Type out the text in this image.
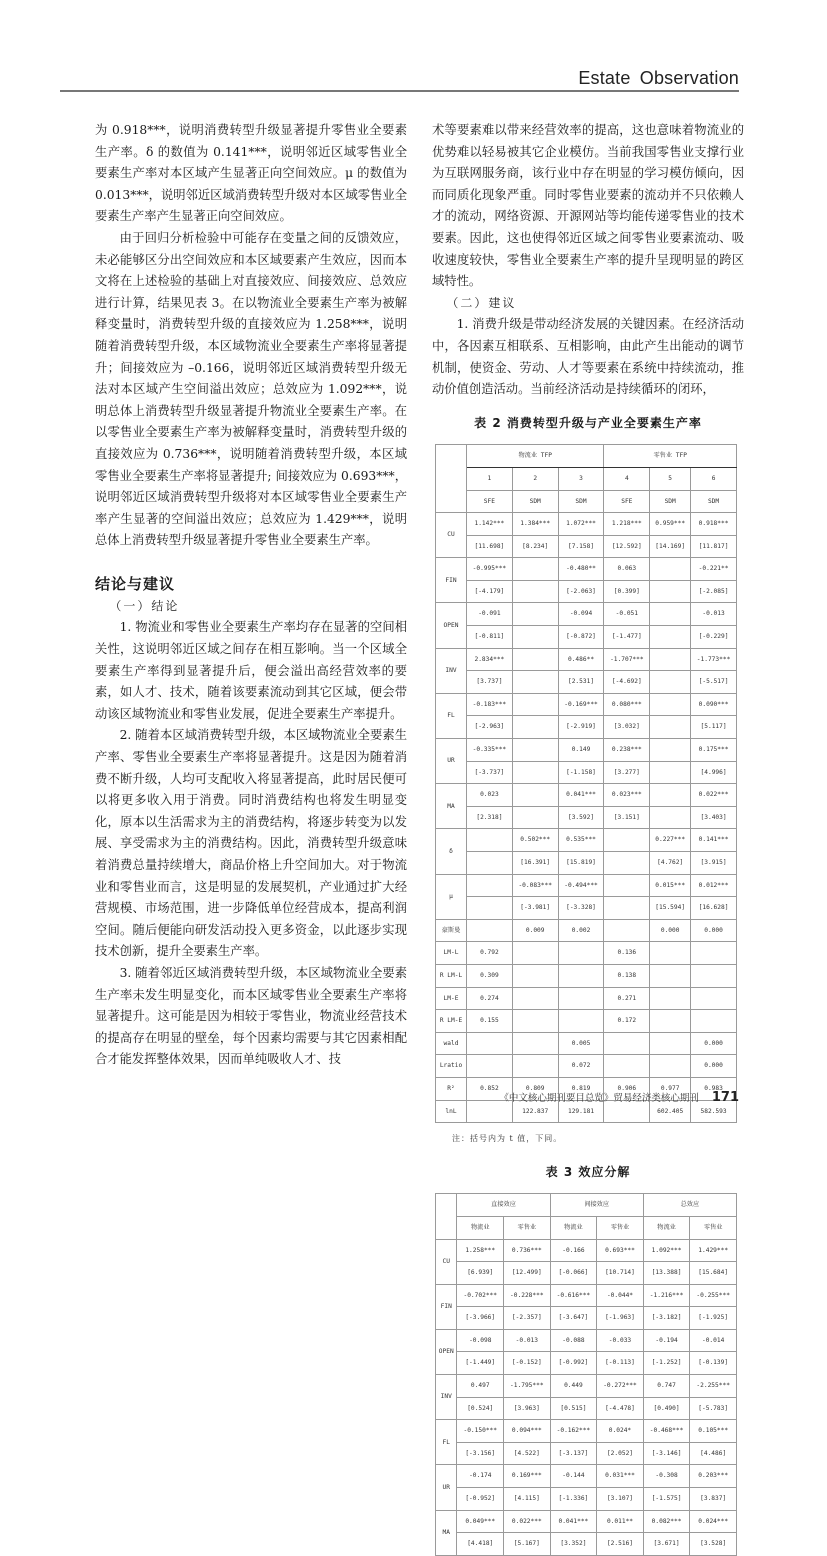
Estate Observation

为 0.918***，说明消费转型升级显著提升零售业全要素生产率。δ 的数值为 0.141***，说明邻近区域零售业全要素生产率对本区域产生显著正向空间效应。μ 的数值为 0.013***，说明邻近区域消费转型升级对本区域零售业全要素生产率产生显著正向空间效应。

由于回归分析检验中可能存在变量之间的反馈效应，未必能够区分出空间效应和本区域要素产生效应，因而本文将在上述检验的基础上对直接效应、间接效应、总效应进行计算，结果见表 3。在以物流业全要素生产率为被解释变量时，消费转型升级的直接效应为 1.258***，说明随着消费转型升级，本区域物流业全要素生产率将显著提升；间接效应为 –0.166，说明邻近区域消费转型升级无法对本区域产生空间溢出效应；总效应为 1.092***，说明总体上消费转型升级显著提升物流业全要素生产率。在以零售业全要素生产率为被解释变量时，消费转型升级的直接效应为 0.736***，说明随着消费转型升级，本区域零售业全要素生产率将显著提升; 间接效应为 0.693***，说明邻近区域消费转型升级将对本区域零售业全要素生产率产生显著的空间溢出效应；总效应为 1.429***，说明总体上消费转型升级显著提升零售业全要素生产率。

结论与建议

（一）结论

1. 物流业和零售业全要素生产率均存在显著的空间相关性，这说明邻近区域之间存在相互影响。当一个区域全要素生产率得到显著提升后，便会溢出高经营效率的要素，如人才、技术，随着该要素流动到其它区域，便会带动该区域物流业和零售业发展，促进全要素生产率提升。

2. 随着本区域消费转型升级，本区域物流业全要素生产率、零售业全要素生产率将显著提升。这是因为随着消费不断升级，人均可支配收入将显著提高，此时居民便可以将更多收入用于消费。同时消费结构也将发生明显变化，原本以生活需求为主的消费结构，将逐步转变为以发展、享受需求为主的消费结构。因此，消费转型升级意味着消费总量持续增大，商品价格上升空间加大。对于物流业和零售业而言，这是明显的发展契机，产业通过扩大经营规模、市场范围，进一步降低单位经营成本，提高利润空间。随后便能向研发活动投入更多资金，以此逐步实现技术创新，提升全要素生产率。

3. 随着邻近区域消费转型升级，本区域物流业全要素生产率未发生明显变化，而本区域零售业全要素生产率将显著提升。这可能是因为相较于零售业，物流业经营技术的提高存在明显的壁垒，每个因素均需要与其它因素相配合才能发挥整体效果，因而单纯吸收人才、技

术等要素难以带来经营效率的提高，这也意味着物流业的优势难以轻易被其它企业模仿。当前我国零售业支撑行业为互联网服务商，该行业中存在明显的学习模仿倾向，因而同质化现象严重。同时零售业要素的流动并不只依赖人才的流动，网络资源、开源网站等均能传递零售业的技术要素。因此，这也使得邻近区域之间零售业要素流动、吸收速度较快，零售业全要素生产率的提升呈现明显的跨区域特性。

（二）建议

1. 消费升级是带动经济发展的关键因素。在经济活动中，各因素互相联系、互相影响，由此产生出能动的调节机制，使资金、劳动、人才等要素在系统中持续流动，推动价值创造活动。当前经济活动是持续循环的闭环，

表 2 消费转型升级与产业全要素生产率
	物流业 TFP			零售业 TFP		
	1	2	3	4	5	6
	SFE	SDM	SDM	SFE	SDM	SDM
CU	1.142***	1.384***	1.072***	1.218***	0.959***	0.918***
	[11.698]	[8.234]	[7.158]	[12.592]	[14.169]	[11.817]
FIN	-0.995***		-0.480**	0.063		-0.221**
	[-4.179]		[-2.063]	[0.399]		[-2.085]
OPEN	-0.091		-0.094	-0.051		-0.013
	[-0.811]		[-0.872]	[-1.477]		[-0.229]
INV	2.834***		0.486**	-1.707***		-1.773***
	[3.737]		[2.531]	[-4.692]		[-5.517]
FL	-0.183***		-0.169***	0.080***		0.090***
	[-2.963]		[-2.919]	[3.032]		[5.117]
UR	-0.335***		0.149	0.238***		0.175***
	[-3.737]		[-1.158]	[3.277]		[4.996]
MA	0.023		0.041***	0.023***		0.022***
	[2.318]		[3.592]	[3.151]		[3.403]
δ		0.502***	0.535***		0.227***	0.141***
		[16.391]	[15.819]		[4.762]	[3.915]
μ		-0.083***	-0.494***		0.015***	0.012***
		[-3.981]	[-3.328]		[15.594]	[16.628]
豪斯曼		0.009	0.002		0.000	0.000
LM-L	0.792			0.136		
R LM-L	0.309			0.138		
LM-E	0.274			0.271		
R LM-E	0.155			0.172		
wald			0.005			0.000
Lratio			0.072			0.000
R²	0.852	0.809	0.819	0.906	0.977	0.983
lnL		122.837	129.181		602.405	582.593
注：括号内为 t 值，下同。
表 3 效应分解
	直接效应		间接效应		总效应	
	物流业	零售业	物流业	零售业	物流业	零售业
CU	1.258***	0.736***	-0.166	0.693***	1.092***	1.429***
	[6.939]	[12.499]	[-0.066]	[10.714]	[13.388]	[15.684]
FIN	-0.702***	-0.228***	-0.616***	-0.044*	-1.216***	-0.255***
	[-3.966]	[-2.357]	[-3.647]	[-1.963]	[-3.182]	[-1.925]
OPEN	-0.098	-0.013	-0.088	-0.033	-0.194	-0.014
	[-1.449]	[-0.152]	[-0.992]	[-0.113]	[-1.252]	[-0.139]
INV	0.497	-1.795***	0.449	-0.272***	0.747	-2.255***
	[0.524]	[3.963]	[0.515]	[-4.478]	[0.490]	[-5.783]
FL	-0.150***	0.094***	-0.162***	0.024*	-0.468***	0.105***
	[-3.156]	[4.522]	[-3.137]	[2.052]	[-3.146]	[4.486]
UR	-0.174	0.169***	-0.144	0.031***	-0.308	0.203***
	[-0.952]	[4.115]	[-1.336]	[3.107]	[-1.575]	[3.837]
MA	0.049***	0.022***	0.041***	0.011**	0.082***	0.024***
	[4.418]	[5.167]	[3.352]	[2.516]	[3.671]	[3.528]
《中文核心期刊要目总览》贸易经济类核心期刊 171
